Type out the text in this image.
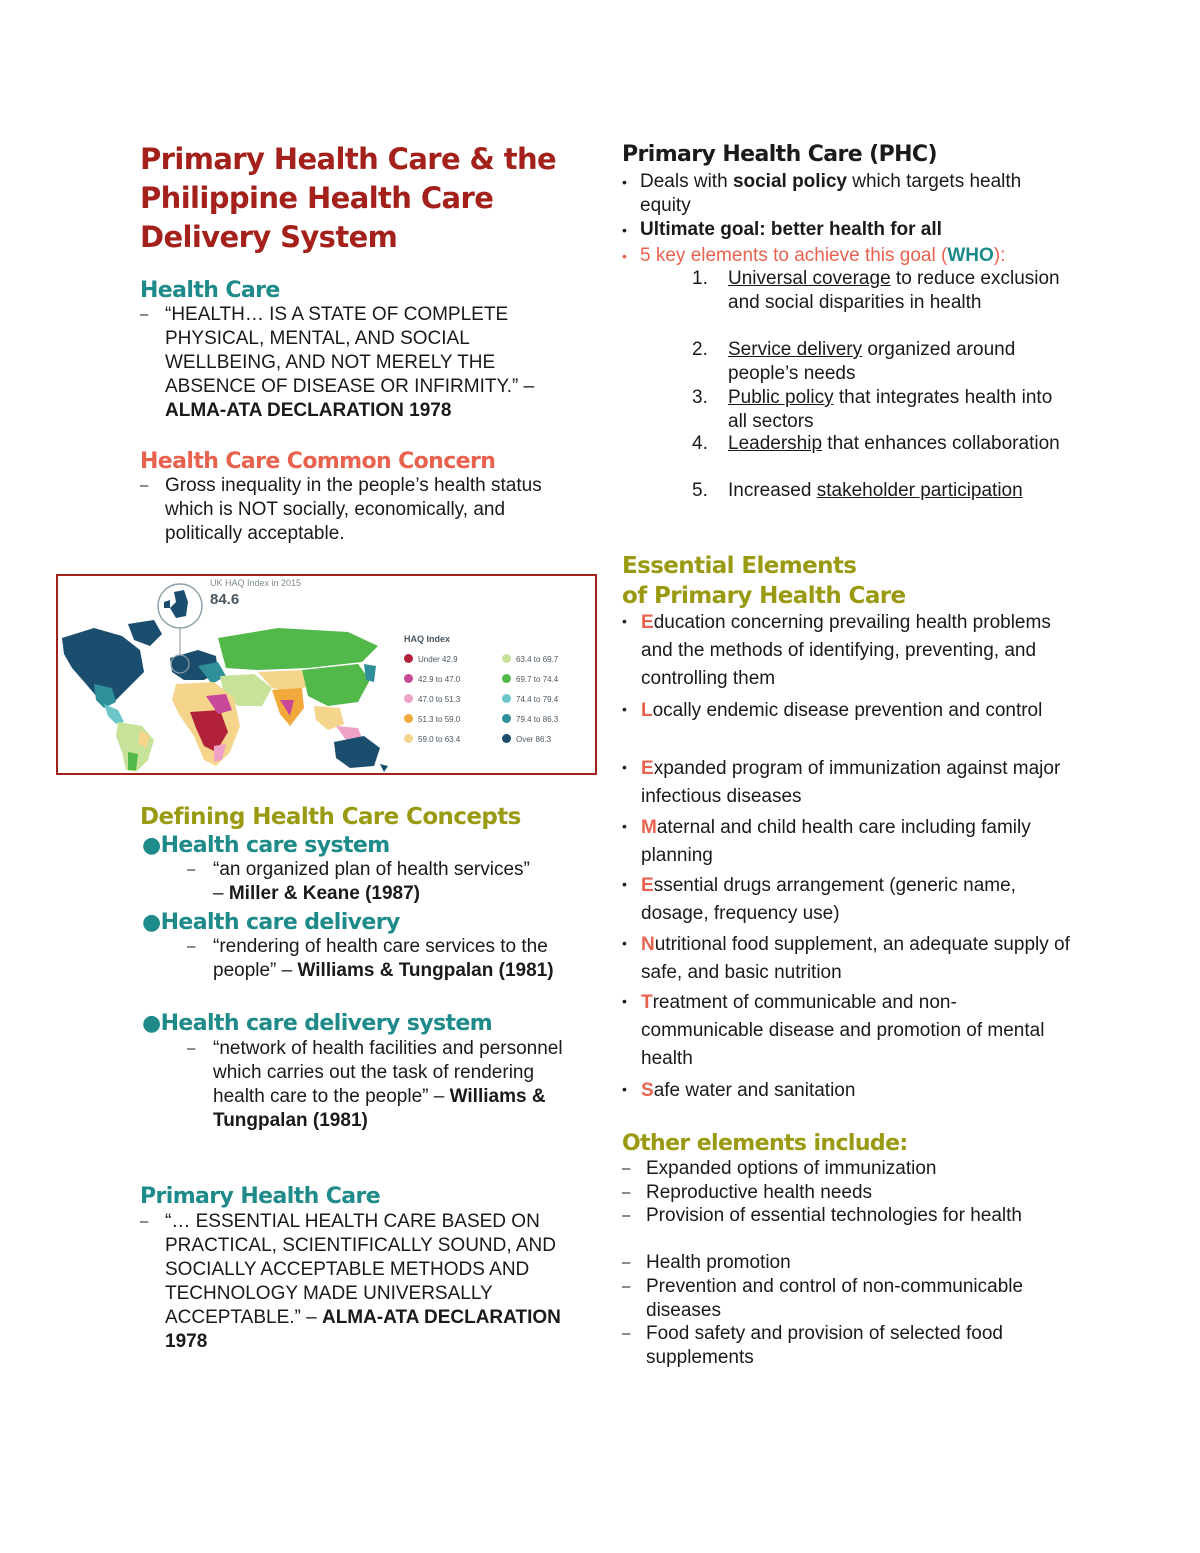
Primary Health Care & the Philippine Health Care Delivery System
Health Care
– “HEALTH… IS A STATE OF COMPLETE PHYSICAL, MENTAL, AND SOCIAL WELLBEING, AND NOT MERELY THE ABSENCE OF DISEASE OR INFIRMITY.” – ALMA-ATA DECLARATION 1978
Health Care Common Concern
– Gross inequality in the people’s health status which is NOT socially, economically, and politically acceptable.
Defining Health Care Concepts
●Health care system
– “an organized plan of health services”
– Miller & Keane (1987)
●Health care delivery
– “rendering of health care services to the people” – Williams & Tungpalan (1981)
●Health care delivery system
– “network of health facilities and personnel which carries out the task of rendering health care to the people” – Williams & Tungpalan (1981)
Primary Health Care
– “… ESSENTIAL HEALTH CARE BASED ON PRACTICAL, SCIENTIFICALLY SOUND, AND SOCIALLY ACCEPTABLE METHODS AND TECHNOLOGY MADE UNIVERSALLY ACCEPTABLE.” – ALMA-ATA DECLARATION 1978
UK HAQ Index in 2015
84.6
HAQ Index
Under 42.9
42.9 to 47.0
47.0 to 51.3
51.3 to 59.0
59.0 to 63.4
63.4 to 69.7
69.7 to 74.4
74.4 to 79.4
79.4 to 86.3
Over 86.3
Primary Health Care (PHC)
• Deals with social policy which targets health equity
• Ultimate goal: better health for all
• 5 key elements to achieve this goal (WHO):
1.	Universal coverage to reduce exclusion and social disparities in health
2.	Service delivery organized around people’s needs
3.	Public policy that integrates health into all sectors
4.	Leadership that enhances collaboration
5.	Increased stakeholder participation
Essential Elements
of Primary Health Care
• Education concerning prevailing health problems and the methods of identifying, preventing, and controlling them
• Locally endemic disease prevention and control
• Expanded program of immunization against major infectious diseases
• Maternal and child health care including family planning
• Essential drugs arrangement (generic name, dosage, frequency use)
• Nutritional food supplement, an adequate supply of safe, and basic nutrition
• Treatment of communicable and non-communicable disease and promotion of mental health
• Safe water and sanitation
Other elements include:
– Expanded options of immunization
– Reproductive health needs
– Provision of essential technologies for health
– Health promotion
– Prevention and control of non-communicable diseases
– Food safety and provision of selected food supplements
